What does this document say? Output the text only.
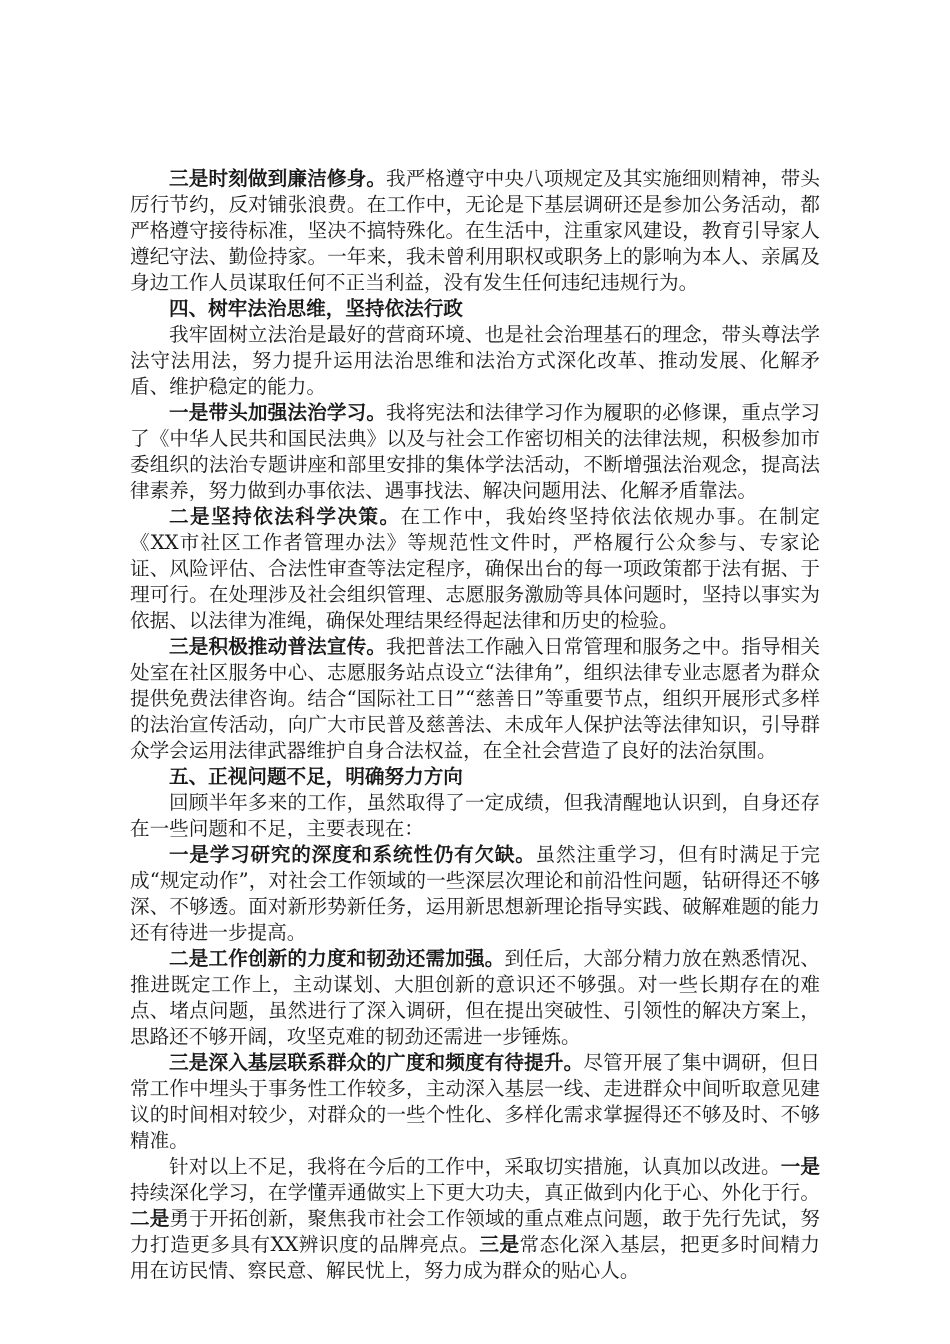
三是时刻做到廉洁修身。我严格遵守中央八项规定及其实施细则精神，带头厉行节约，反对铺张浪费。在工作中，无论是下基层调研还是参加公务活动，都严格遵守接待标准，坚决不搞特殊化。在生活中，注重家风建设，教育引导家人遵纪守法、勤俭持家。一年来，我未曾利用职权或职务上的影响为本人、亲属及身边工作人员谋取任何不正当利益，没有发生任何违纪违规行为。

四、树牢法治思维，坚持依法行政

我牢固树立法治是最好的营商环境、也是社会治理基石的理念，带头尊法学法守法用法，努力提升运用法治思维和法治方式深化改革、推动发展、化解矛盾、维护稳定的能力。

一是带头加强法治学习。我将宪法和法律学习作为履职的必修课，重点学习了《中华人民共和国民法典》以及与社会工作密切相关的法律法规，积极参加市委组织的法治专题讲座和部里安排的集体学法活动，不断增强法治观念，提高法律素养，努力做到办事依法、遇事找法、解决问题用法、化解矛盾靠法。

二是坚持依法科学决策。在工作中，我始终坚持依法依规办事。在制定《XX市社区工作者管理办法》等规范性文件时，严格履行公众参与、专家论证、风险评估、合法性审查等法定程序，确保出台的每一项政策都于法有据、于理可行。在处理涉及社会组织管理、志愿服务激励等具体问题时，坚持以事实为依据、以法律为准绳，确保处理结果经得起法律和历史的检验。

三是积极推动普法宣传。我把普法工作融入日常管理和服务之中。指导相关处室在社区服务中心、志愿服务站点设立“法律角”，组织法律专业志愿者为群众提供免费法律咨询。结合“国际社工日”“慈善日”等重要节点，组织开展形式多样的法治宣传活动，向广大市民普及慈善法、未成年人保护法等法律知识，引导群众学会运用法律武器维护自身合法权益，在全社会营造了良好的法治氛围。

五、正视问题不足，明确努力方向

回顾半年多来的工作，虽然取得了一定成绩，但我清醒地认识到，自身还存在一些问题和不足，主要表现在：

一是学习研究的深度和系统性仍有欠缺。虽然注重学习，但有时满足于完成“规定动作”，对社会工作领域的一些深层次理论和前沿性问题，钻研得还不够深、不够透。面对新形势新任务，运用新思想新理论指导实践、破解难题的能力还有待进一步提高。

二是工作创新的力度和韧劲还需加强。到任后，大部分精力放在熟悉情况、推进既定工作上，主动谋划、大胆创新的意识还不够强。对一些长期存在的难点、堵点问题，虽然进行了深入调研，但在提出突破性、引领性的解决方案上，思路还不够开阔，攻坚克难的韧劲还需进一步锤炼。

三是深入基层联系群众的广度和频度有待提升。尽管开展了集中调研，但日常工作中埋头于事务性工作较多，主动深入基层一线、走进群众中间听取意见建议的时间相对较少，对群众的一些个性化、多样化需求掌握得还不够及时、不够精准。

针对以上不足，我将在今后的工作中，采取切实措施，认真加以改进。一是持续深化学习，在学懂弄通做实上下更大功夫，真正做到内化于心、外化于行。二是勇于开拓创新，聚焦我市社会工作领域的重点难点问题，敢于先行先试，努力打造更多具有XX辨识度的品牌亮点。三是常态化深入基层，把更多时间精力用在访民情、察民意、解民忧上，努力成为群众的贴心人。
